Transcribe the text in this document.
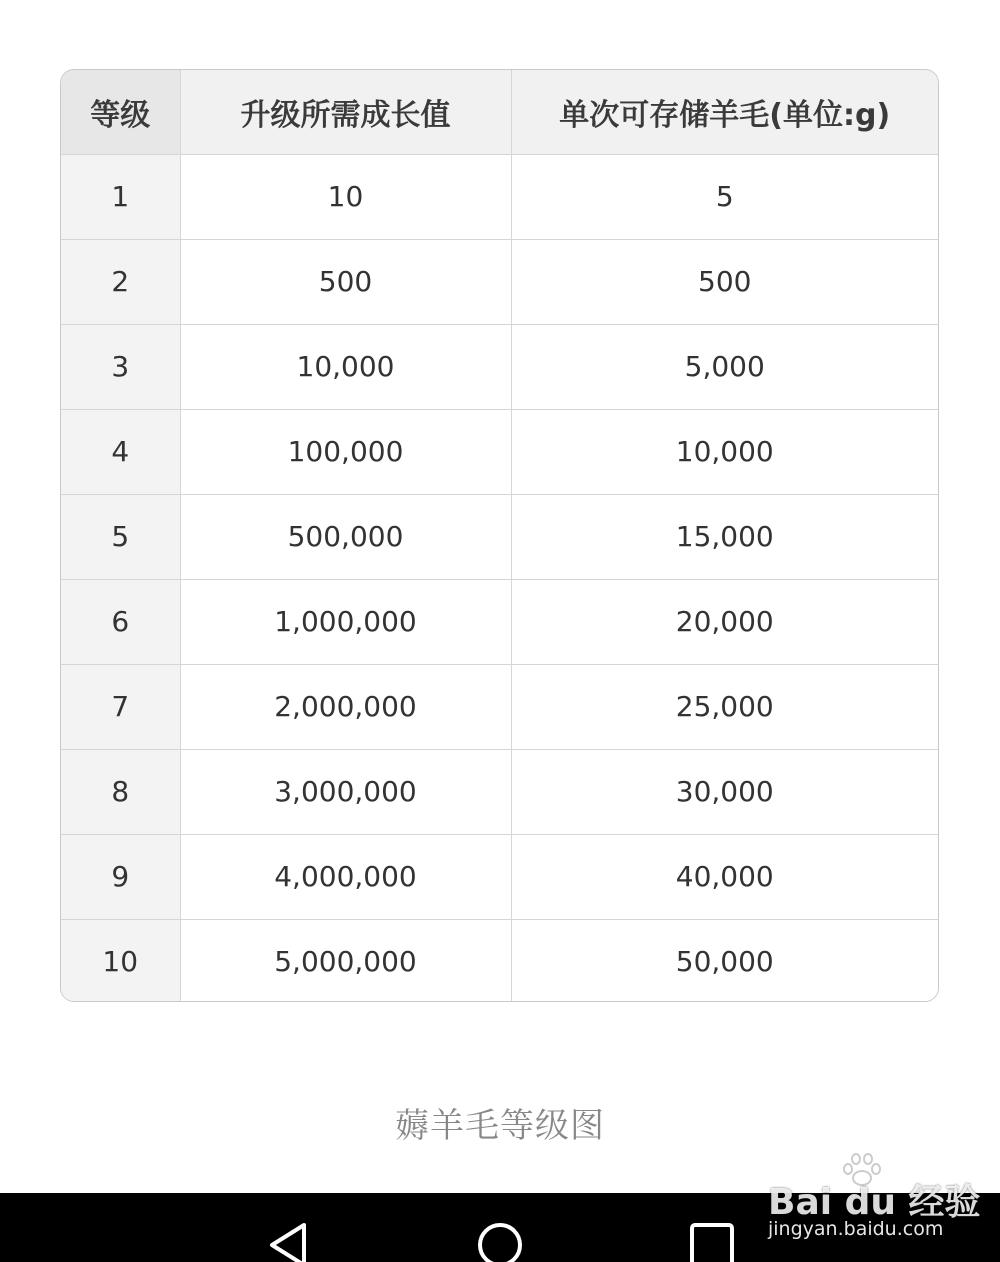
等级	升级所需成长值	单次可存储羊毛(单位:g)
1	10	5
2	500	500
3	10,000	5,000
4	100,000	10,000
5	500,000	15,000
6	1,000,000	20,000
7	2,000,000	25,000
8	3,000,000	30,000
9	4,000,000	40,000
10	5,000,000	50,000
薅羊毛等级图
Bai du 经验
jingyan.baidu.com
